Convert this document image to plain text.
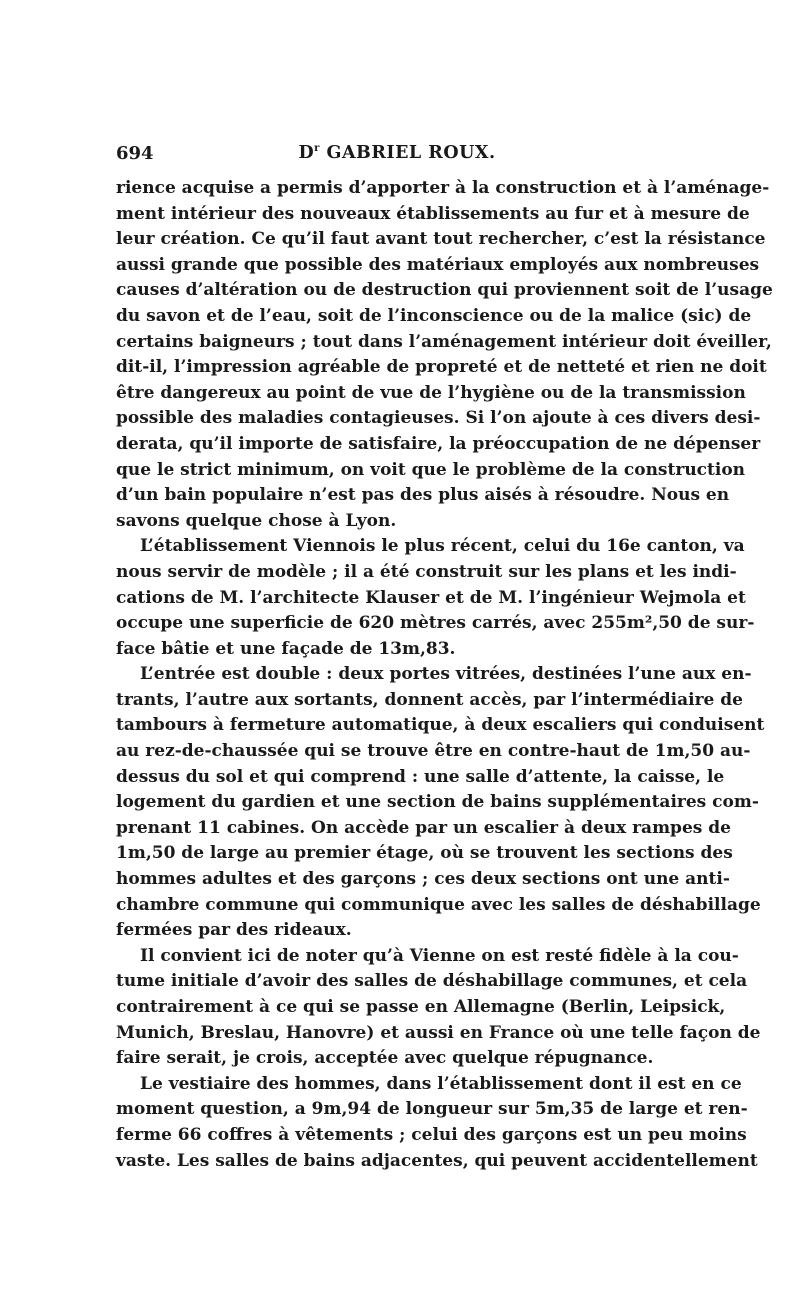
694	$D^r$ GABRIEL ROUX.
rience acquise a permis d’apporter à la construction et à l’aménage-
ment intérieur des nouveaux établissements au fur et à mesure de
leur création. Ce qu’il faut avant tout rechercher, c’est la résistance
aussi grande que possible des matériaux employés aux nombreuses
causes d’altération ou de destruction qui proviennent soit de l’usage
du savon et de l’eau, soit de l’inconscience ou de la malice (sic) de
certains baigneurs ; tout dans l’aménagement intérieur doit éveiller,
dit-il, l’impression agréable de propreté et de netteté et rien ne doit
être dangereux au point de vue de l’hygiène ou de la transmission
possible des maladies contagieuses. Si l’on ajoute à ces divers desi-
derata, qu’il importe de satisfaire, la préoccupation de ne dépenser
que le strict minimum, on voit que le problème de la construction
d’un bain populaire n’est pas des plus aisés à résoudre. Nous en
savons quelque chose à Lyon.
L’établissement Viennois le plus récent, celui du 16e canton, va
nous servir de modèle ; il a été construit sur les plans et les indi-
cations de M. l’architecte Klauser et de M. l’ingénieur Wejmola et
occupe une superficie de 620 mètres carrés, avec 255m²,50 de sur-
face bâtie et une façade de 13m,83.
L’entrée est double : deux portes vitrées, destinées l’une aux en-
trants, l’autre aux sortants, donnent accès, par l’intermédiaire de
tambours à fermeture automatique, à deux escaliers qui conduisent
au rez-de-chaussée qui se trouve être en contre-haut de 1m,50 au-
dessus du sol et qui comprend : une salle d’attente, la caisse, le
logement du gardien et une section de bains supplémentaires com-
prenant 11 cabines. On accède par un escalier à deux rampes de
1m,50 de large au premier étage, où se trouvent les sections des
hommes adultes et des garçons ; ces deux sections ont une anti-
chambre commune qui communique avec les salles de déshabillage
fermées par des rideaux.
Il convient ici de noter qu’à Vienne on est resté fidèle à la cou-
tume initiale d’avoir des salles de déshabillage communes, et cela
contrairement à ce qui se passe en Allemagne (Berlin, Leipsick,
Munich, Breslau, Hanovre) et aussi en France où une telle façon de
faire serait, je crois, acceptée avec quelque répugnance.
Le vestiaire des hommes, dans l’établissement dont il est en ce
moment question, a 9m,94 de longueur sur 5m,35 de large et ren-
ferme 66 coffres à vêtements ; celui des garçons est un peu moins
vaste. Les salles de bains adjacentes, qui peuvent accidentellement
